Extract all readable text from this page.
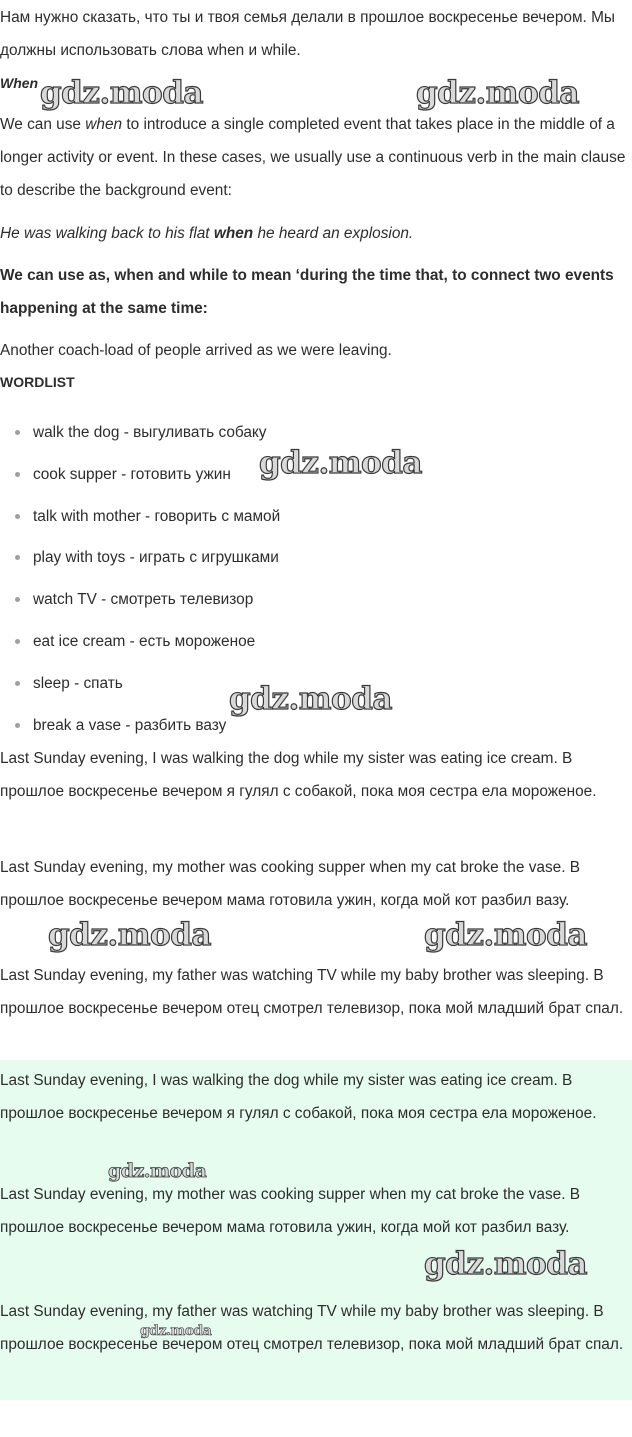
Нам нужно сказать, что ты и твоя семья делали в прошлое воскресенье вечером. Мы должны использовать слова when и while.

When

We can use when to introduce a single completed event that takes place in the middle of a longer activity or event. In these cases, we usually use a continuous verb in the main clause to describe the background event:

He was walking back to his flat when he heard an explosion.

We can use as, when and while to mean ‘during the time that, to connect two events happening at the same time:

Another coach-load of people arrived as we were leaving.

WORDLIST
walk the dog - выгуливать собаку
cook supper - готовить ужин
talk with mother - говорить с мамой
play with toys - играть с игрушками
watch TV - смотреть телевизор
eat ice cream - есть мороженое
sleep - спать
break a vase - разбить вазу

Last Sunday evening, I was walking the dog while my sister was eating ice cream. В прошлое воскресенье вечером я гулял с собакой, пока моя сестра ела мороженое.

Last Sunday evening, my mother was cooking supper when my cat broke the vase. В прошлое воскресенье вечером мама готовила ужин, когда мой кот разбил вазу.

Last Sunday evening, my father was watching TV while my baby brother was sleeping. В прошлое воскресенье вечером отец смотрел телевизор, пока мой младший брат спал.

Last Sunday evening, I was walking the dog while my sister was eating ice cream. В прошлое воскресенье вечером я гулял с собакой, пока моя сестра ела мороженое.

Last Sunday evening, my mother was cooking supper when my cat broke the vase. В прошлое воскресенье вечером мама готовила ужин, когда мой кот разбил вазу.

Last Sunday evening, my father was watching TV while my baby brother was sleeping. В прошлое воскресенье вечером отец смотрел телевизор, пока мой младший брат спал.

gdz.moda	gdz.moda
gdz.moda
gdz.moda
gdz.moda	gdz.moda
gdz.moda
gdz.moda
gdz.moda
